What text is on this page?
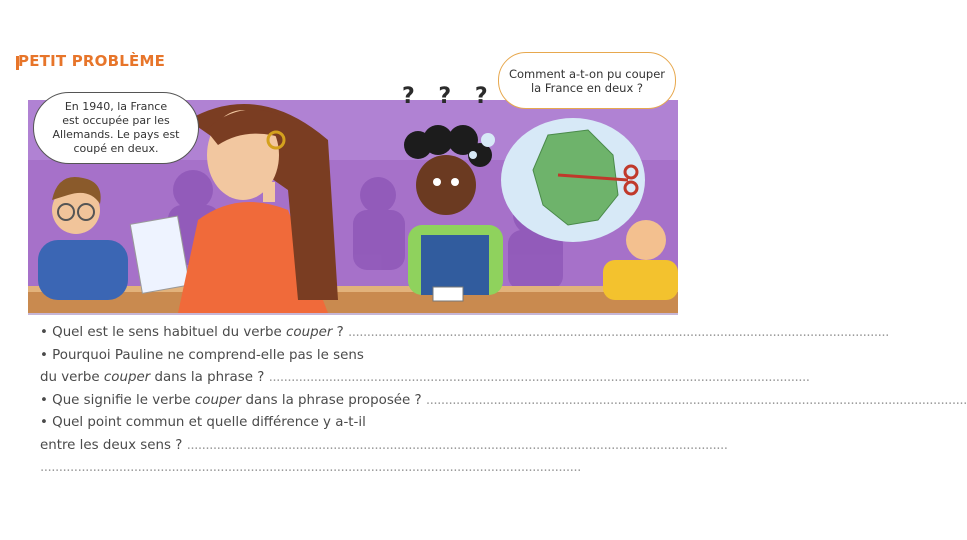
PETIT PROBLÈME
En 1940, la France
est occupée par les
Allemands. Le pays est
coupé en deux.
Comment a-t-on pu couper
la France en deux ?
? ? ?
• Quel est le sens habituel du verbe couper ? ................................................................................................................................................
• Pourquoi Pauline ne comprend-elle pas le sens
du verbe couper dans la phrase ? ................................................................................................................................................
• Que signifie le verbe couper dans la phrase proposée ? ................................................................................................................................................
• Quel point commun et quelle différence y a-t-il
entre les deux sens ? ................................................................................................................................................
................................................................................................................................................
